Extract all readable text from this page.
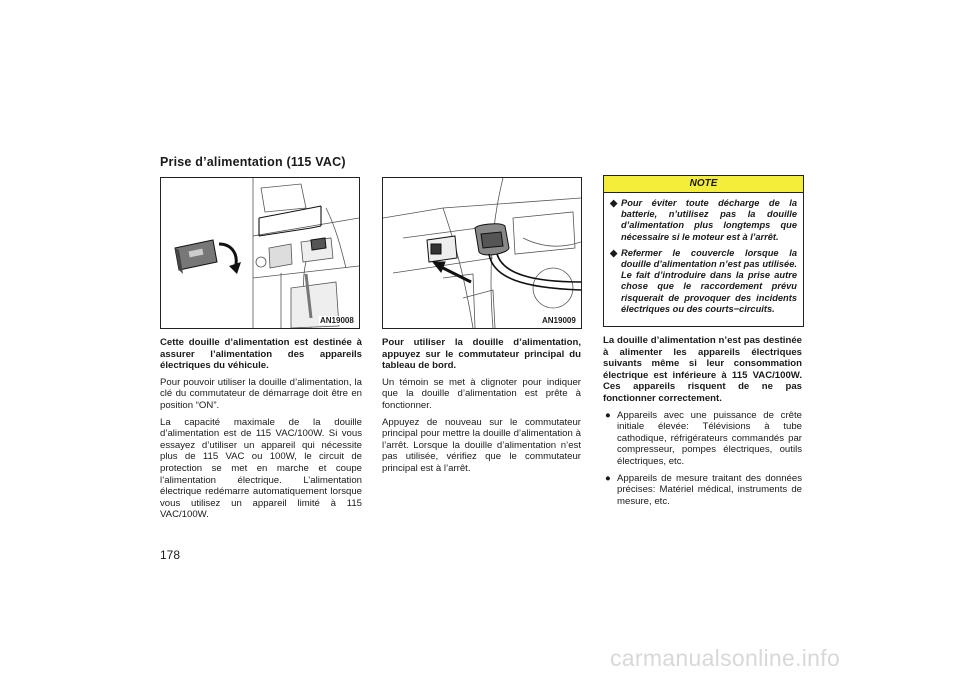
Prise d’alimentation (115 VAC)
AN19008	AN19009

Cette douille d’alimentation est destinée à assurer l’alimentation des appareils électriques du véhicule.

Pour pouvoir utiliser la douille d’alimentation, la clé du commutateur de démarrage doit être en position “ON”.

La capacité maximale de la douille d’alimentation est de 115 VAC/100W. Si vous essayez d’utiliser un appareil qui nécessite plus de 115 VAC ou 100W, le circuit de protection se met en marche et coupe l’alimentation électrique. L’alimentation électrique redémarre automatiquement lorsque vous utilisez un appareil limité à 115 VAC/100W.

Pour utiliser la douille d’alimentation, appuyez sur le commutateur principal du tableau de bord.

Un témoin se met à clignoter pour indiquer que la douille d’alimentation est prête à fonctionner.

Appuyez de nouveau sur le commutateur principal pour mettre la douille d’alimentation à l’arrêt. Lorsque la douille d’alimentation n’est pas utilisée, vérifiez que le commutateur principal est à l’arrêt.

NOTE
◆ Pour éviter toute décharge de la batterie, n’utilisez pas la douille d’alimentation plus longtemps que nécessaire si le moteur est à l’arrêt.
◆ Refermer le couvercle lorsque la douille d’alimentation n’est pas utilisée. Le fait d’introduire dans la prise autre chose que le raccordement prévu risquerait de provoquer des incidents électriques ou des courts−circuits.

La douille d’alimentation n’est pas destinée à alimenter les appareils électriques suivants même si leur consommation électrique est inférieure à 115 VAC/100W. Ces appareils risquent de ne pas fonctionner correctement.

● Appareils avec une puissance de crête initiale élevée: Télévisions à tube cathodique, réfrigérateurs commandés par compresseur, pompes électriques, outils électriques, etc.
● Appareils de mesure traitant des données précises: Matériel médical, instruments de mesure, etc.
178
carmanualsonline.info
